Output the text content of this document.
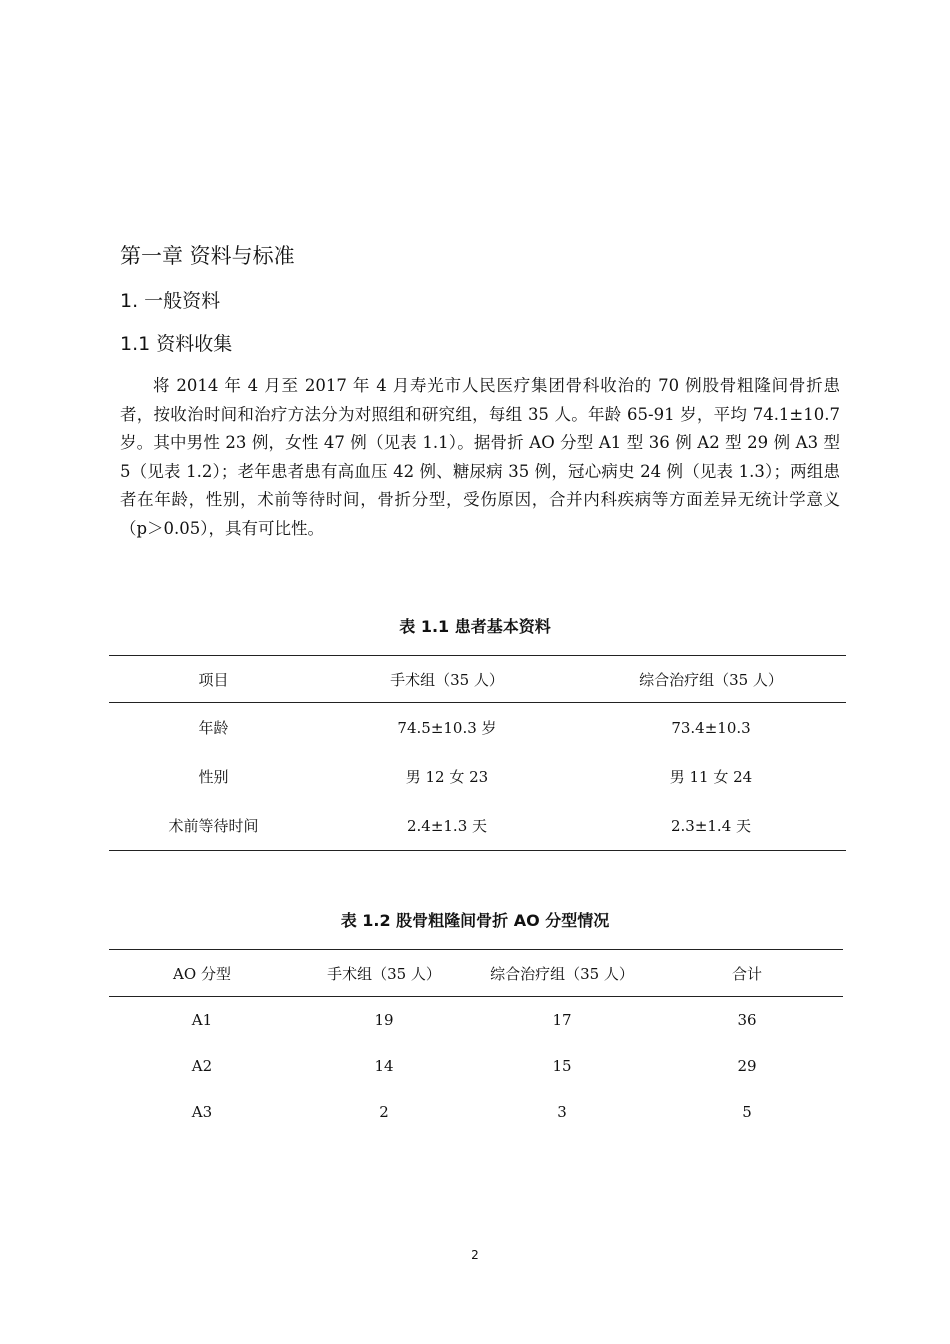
第一章 资料与标准
1. 一般资料
1.1 资料收集

将 2014 年 4 月至 2017 年 4 月寿光市人民医疗集团骨科收治的 70 例股骨粗隆间骨折患者，按收治时间和治疗方法分为对照组和研究组，每组 35 人。年龄 65-91 岁，平均 74.1±10.7 岁。其中男性 23 例，女性 47 例（见表 1.1）。据骨折 AO 分型 A1 型 36 例 A2 型 29 例 A3 型 5（见表 1.2）；老年患者患有高血压 42 例、糖尿病 35 例，冠心病史 24 例（见表 1.3）；两组患者在年龄，性别，术前等待时间，骨折分型，受伤原因，合并内科疾病等方面差异无统计学意义（p＞0.05），具有可比性。

表 1.1 患者基本资料
项目	手术组（35 人）	综合治疗组（35 人）
年龄	74.5±10.3 岁	73.4±10.3
性别	男 12 女 23	男 11 女 24
术前等待时间	2.4±1.3 天	2.3±1.4 天
表 1.2 股骨粗隆间骨折 AO 分型情况
AO 分型	手术组（35 人）	综合治疗组（35 人）	合计
A1	19	17	36
A2	14	15	29
A3	2	3	5
2
